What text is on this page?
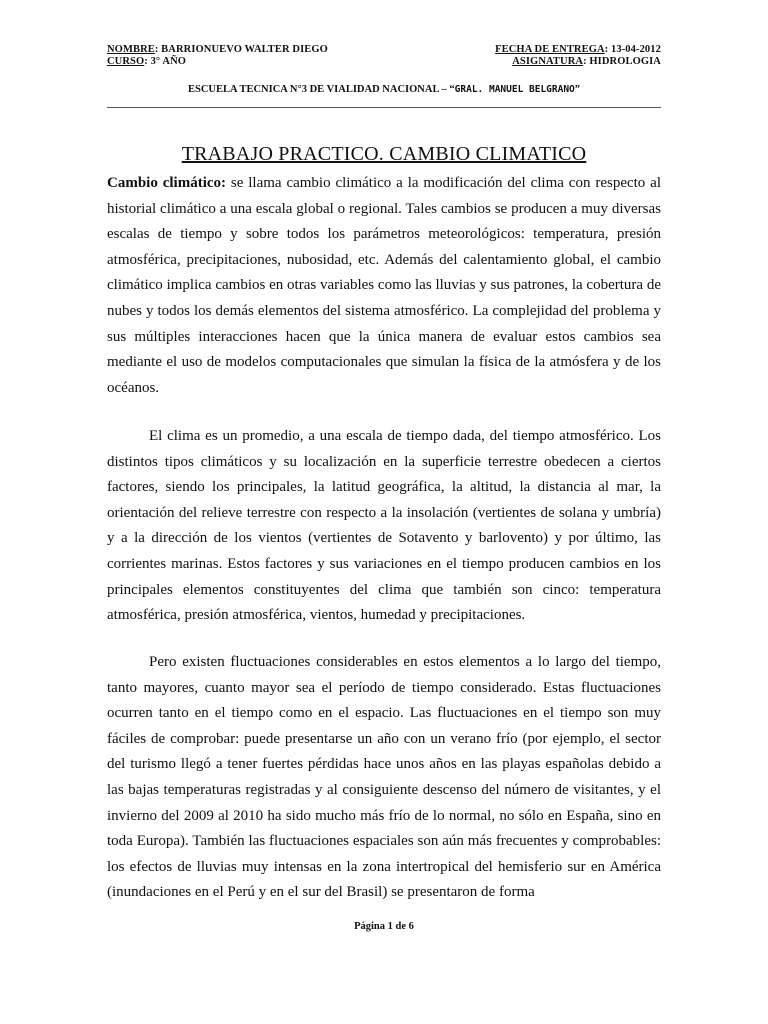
NOMBRE: BARRIONUEVO WALTER DIEGO	FECHA DE ENTREGA: 13-04-2012
CURSO: 3° AÑO	ASIGNATURA: HIDROLOGIA
ESCUELA TECNICA N°3 DE VIALIDAD NACIONAL – “GRAL. MANUEL BELGRANO”
TRABAJO PRACTICO. CAMBIO CLIMATICO

Cambio climático: se llama cambio climático a la modificación del clima con respecto al historial climático a una escala global o regional. Tales cambios se producen a muy diversas escalas de tiempo y sobre todos los parámetros meteorológicos: temperatura, presión atmosférica, precipitaciones, nubosidad, etc. Además del calentamiento global, el cambio climático implica cambios en otras variables como las lluvias y sus patrones, la cobertura de nubes y todos los demás elementos del sistema atmosférico. La complejidad del problema y sus múltiples interacciones hacen que la única manera de evaluar estos cambios sea mediante el uso de modelos computacionales que simulan la física de la atmósfera y de los océanos.

El clima es un promedio, a una escala de tiempo dada, del tiempo atmosférico. Los distintos tipos climáticos y su localización en la superficie terrestre obedecen a ciertos factores, siendo los principales, la latitud geográfica, la altitud, la distancia al mar, la orientación del relieve terrestre con respecto a la insolación (vertientes de solana y umbría) y a la dirección de los vientos (vertientes de Sotavento y barlovento) y por último, las corrientes marinas. Estos factores y sus variaciones en el tiempo producen cambios en los principales elementos constituyentes del clima que también son cinco: temperatura atmosférica, presión atmosférica, vientos, humedad y precipitaciones.

Pero existen fluctuaciones considerables en estos elementos a lo largo del tiempo, tanto mayores, cuanto mayor sea el período de tiempo considerado. Estas fluctuaciones ocurren tanto en el tiempo como en el espacio. Las fluctuaciones en el tiempo son muy fáciles de comprobar: puede presentarse un año con un verano frío (por ejemplo, el sector del turismo llegó a tener fuertes pérdidas hace unos años en las playas españolas debido a las bajas temperaturas registradas y al consiguiente descenso del número de visitantes, y el invierno del 2009 al 2010 ha sido mucho más frío de lo normal, no sólo en España, sino en toda Europa). También las fluctuaciones espaciales son aún más frecuentes y comprobables: los efectos de lluvias muy intensas en la zona intertropical del hemisferio sur en América (inundaciones en el Perú y en el sur del Brasil) se presentaron de forma

Página 1 de 6
